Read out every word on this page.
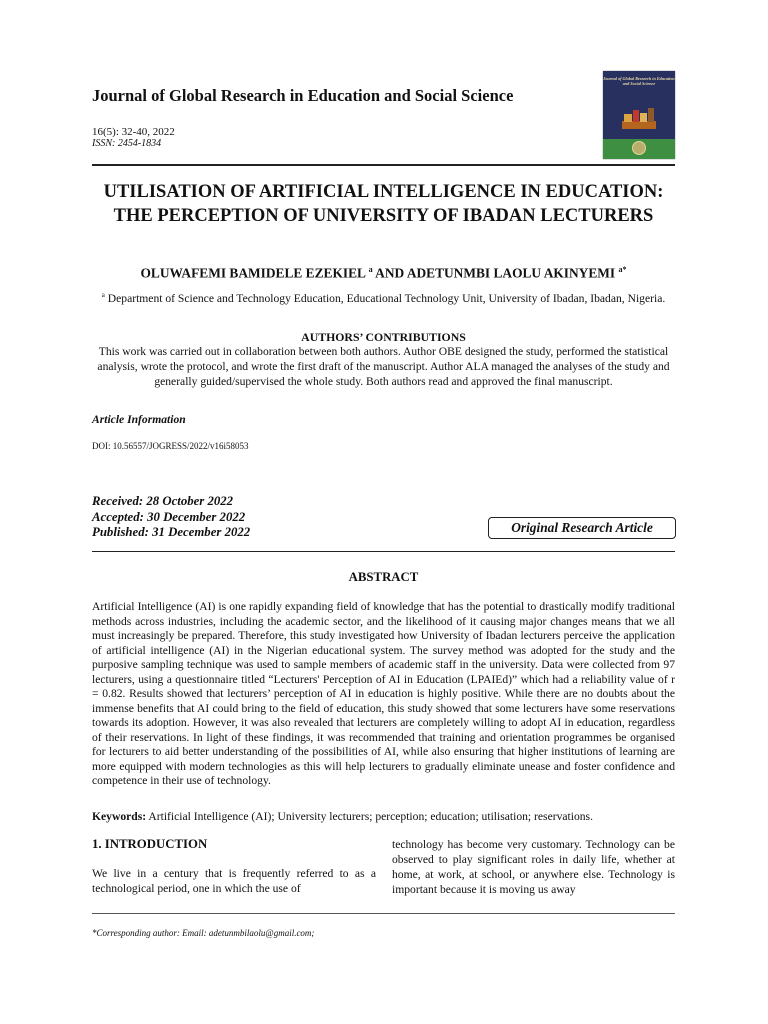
Journal of Global Research in Education and Social Science
16(5): 32-40, 2022
ISSN: 2454-1834
Journal of Global Research in Education and Social Science
UTILISATION OF ARTIFICIAL INTELLIGENCE IN EDUCATION: THE PERCEPTION OF UNIVERSITY OF IBADAN LECTURERS
OLUWAFEMI BAMIDELE EZEKIEL $^a$ AND ADETUNMBI LAOLU AKINYEMI $^{a*}$
$^a$ Department of Science and Technology Education, Educational Technology Unit, University of Ibadan, Ibadan, Nigeria.
AUTHORS’ CONTRIBUTIONS
This work was carried out in collaboration between both authors. Author OBE designed the study, performed the statistical analysis, wrote the protocol, and wrote the first draft of the manuscript. Author ALA managed the analyses of the study and generally guided/supervised the whole study. Both authors read and approved the final manuscript.
Article Information
DOI: 10.56557/JOGRESS/2022/v16i58053
Received: 28 October 2022
Accepted: 30 December 2022
Published: 31 December 2022	Original Research Article
ABSTRACT
Artificial Intelligence (AI) is one rapidly expanding field of knowledge that has the potential to drastically modify traditional methods across industries, including the academic sector, and the likelihood of it causing major changes means that we all must increasingly be prepared. Therefore, this study investigated how University of Ibadan lecturers perceive the application of artificial intelligence (AI) in the Nigerian educational system. The survey method was adopted for the study and the purposive sampling technique was used to sample members of academic staff in the university. Data were collected from 97 lecturers, using a questionnaire titled “Lecturers' Perception of AI in Education (LPAIEd)” which had a reliability value of r = 0.82. Results showed that lecturers’ perception of AI in education is highly positive. While there are no doubts about the immense benefits that AI could bring to the field of education, this study showed that some lecturers have some reservations towards its adoption. However, it was also revealed that lecturers are completely willing to adopt AI in education, regardless of their reservations. In light of these findings, it was recommended that training and orientation programmes be organised for lecturers to aid better understanding of the possibilities of AI, while also ensuring that higher institutions of learning are more equipped with modern technologies as this will help lecturers to gradually eliminate unease and foster confidence and competence in their use of technology.
Keywords: Artificial Intelligence (AI); University lecturers; perception; education; utilisation; reservations.
1. INTRODUCTION
We live in a century that is frequently referred to as a technological period, one in which the use of
technology has become very customary. Technology can be observed to play significant roles in daily life, whether at home, at work, at school, or anywhere else. Technology is important because it is moving us away
*Corresponding author: Email: adetunmbilaolu@gmail.com;
